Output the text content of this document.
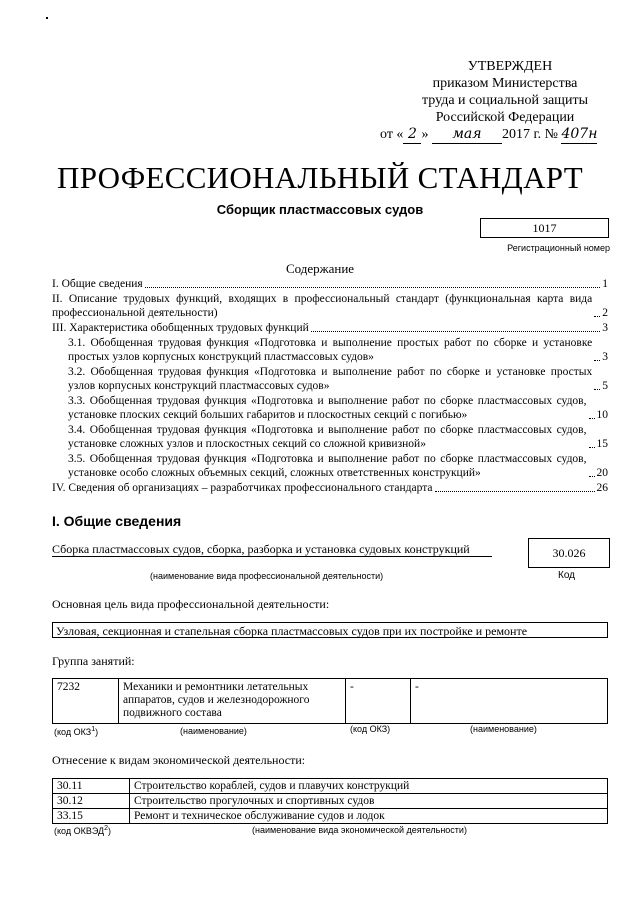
УТВЕРЖДЕН
приказом Министерства
труда и социальной защиты
Российской Федерации
от « 2 » мая 2017 г. № 407н
ПРОФЕССИОНАЛЬНЫЙ СТАНДАРТ
Сборщик пластмассовых судов
1017
Регистрационный номер
Содержание
I. Общие сведения	1
II. Описание трудовых функций, входящих в профессиональный стандарт (функциональная карта вида профессиональной деятельности)	2
III. Характеристика обобщенных трудовых функций	3
3.1. Обобщенная трудовая функция «Подготовка и выполнение простых работ по сборке и установке простых узлов корпусных конструкций пластмассовых судов»	3
3.2. Обобщенная трудовая функция «Подготовка и выполнение работ по сборке и установке простых узлов корпусных конструкций пластмассовых судов»	5
3.3. Обобщенная трудовая функция «Подготовка и выполнение работ по сборке пластмассовых судов, установке плоских секций больших габаритов и плоскостных секций с погибью»	10
3.4. Обобщенная трудовая функция «Подготовка и выполнение работ по сборке пластмассовых судов, установке сложных узлов и плоскостных секций со сложной кривизной»	15
3.5. Обобщенная трудовая функция «Подготовка и выполнение работ по сборке пластмассовых судов, установке особо сложных объемных секций, сложных ответственных конструкций»	20
IV. Сведения об организациях – разработчиках профессионального стандарта	26
I. Общие сведения
Сборка пластмассовых судов, сборка, разборка и установка судовых конструкций	30.026
(наименование вида профессиональной деятельности)	Код
Основная цель вида профессиональной деятельности:
Узловая, секционная и стапельная сборка пластмассовых судов при их постройке и ремонте
Группа занятий:
7232	Механики и ремонтники летательных аппаратов, судов и железнодорожного подвижного состава	-	-
(код ОКЗ$^1$)	(наименование)	(код ОКЗ)	(наименование)
Отнесение к видам экономической деятельности:
30.11	Строительство кораблей, судов и плавучих конструкций
30.12	Строительство прогулочных и спортивных судов
33.15	Ремонт и техническое обслуживание судов и лодок
(код ОКВЭД$^2$)	(наименование вида экономической деятельности)
